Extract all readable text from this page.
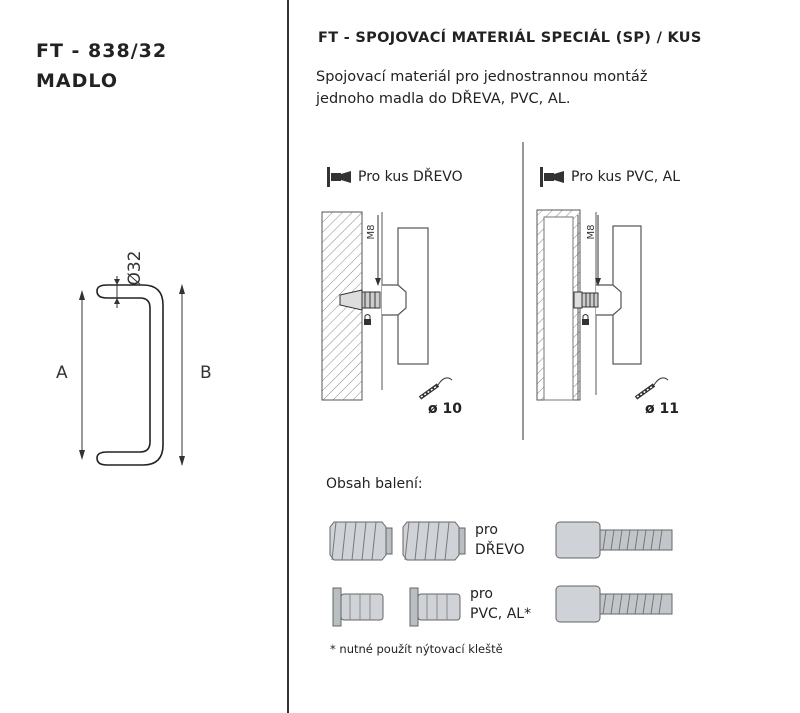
FT - 838/32
MADLO
Ø32
A	B
FT - SPOJOVACÍ MATERIÁL SPECIÁL (SP) / KUS
Spojovací materiál pro jednostrannou montáž
jednoho madla do DŘEVA, PVC, AL.
M8
ø 10
M8
ø 11
Pro kus DŘEVO	Pro kus PVC, AL
Obsah balení:
pro
DŘEVO
pro
PVC, AL*
* nutné použít nýtovací kleště
